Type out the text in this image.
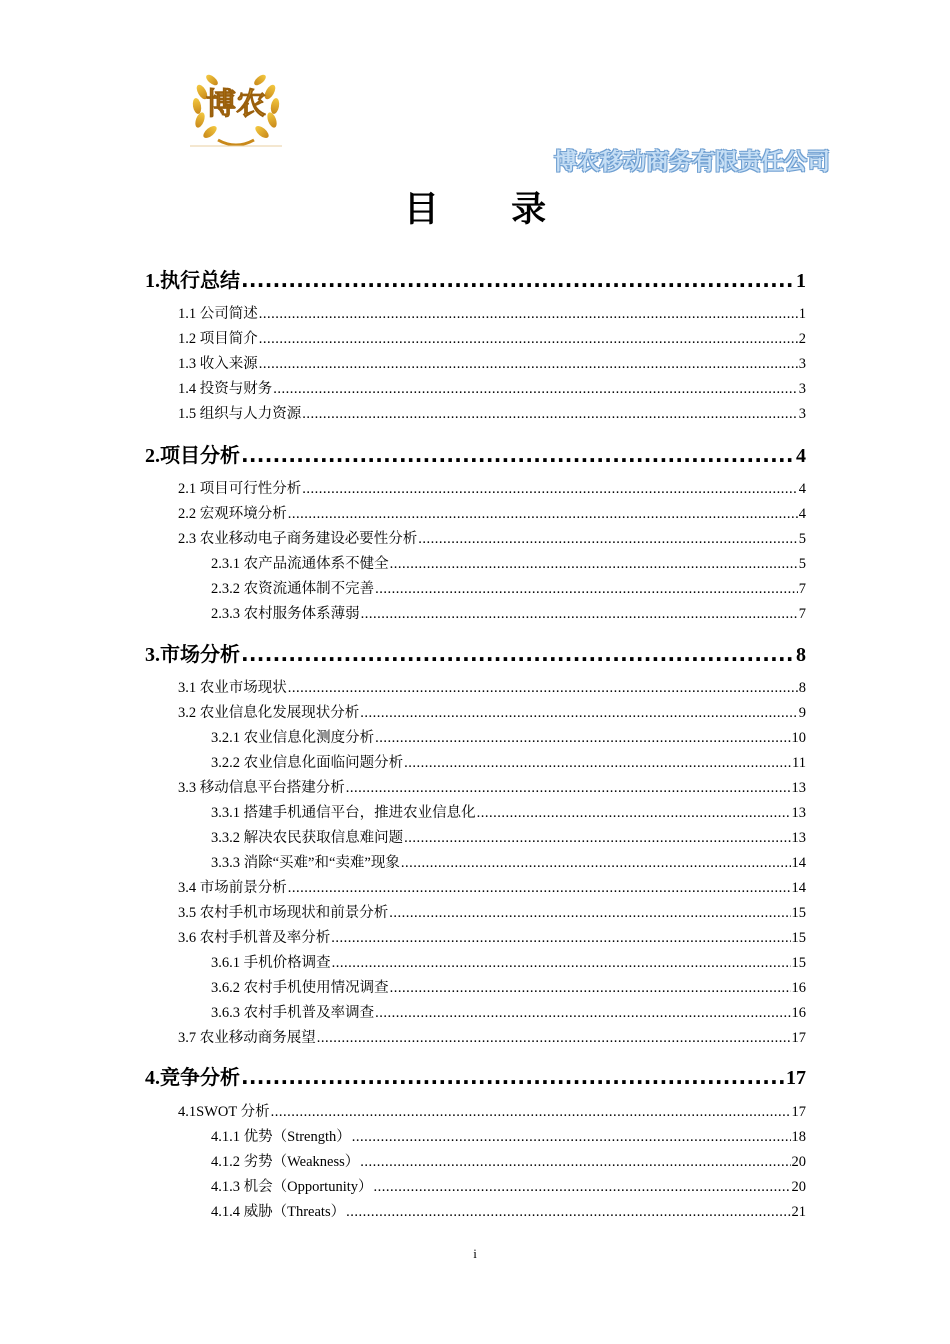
博农
博农移动商务有限责任公司
目 录
1.执行总结 .....	1
1.1 公司简述 .....	1
1.2 项目简介 .....	2
1.3 收入来源 .....	3
1.4 投资与财务 .....	3
1.5 组织与人力资源 .....	3
2.项目分析 .....	4
2.1 项目可行性分析 .....	4
2.2 宏观环境分析 .....	4
2.3 农业移动电子商务建设必要性分析 .....	5
2.3.1 农产品流通体系不健全 .....	5
2.3.2 农资流通体制不完善 .....	7
2.3.3 农村服务体系薄弱 .....	7
3.市场分析 .....	8
3.1 农业市场现状 .....	8
3.2 农业信息化发展现状分析 .....	9
3.2.1 农业信息化测度分析 .....	10
3.2.2 农业信息化面临问题分析 .....	11
3.3 移动信息平台搭建分析 .....	13
3.3.1 搭建手机通信平台，推进农业信息化 .....	13
3.3.2 解决农民获取信息难问题 .....	13
3.3.3 消除“买难”和“卖难”现象 .....	14
3.4 市场前景分析 .....	14
3.5 农村手机市场现状和前景分析 .....	15
3.6 农村手机普及率分析 .....	15
3.6.1 手机价格调查 .....	15
3.6.2 农村手机使用情况调查 .....	16
3.6.3 农村手机普及率调查 .....	16
3.7 农业移动商务展望 .....	17
4.竞争分析 .....	17
4.1SWOT 分析 .....	17
4.1.1 优势（Strength） .....	18
4.1.2 劣势（Weakness） .....	20
4.1.3 机会（Opportunity） .....	20
4.1.4 威胁（Threats） .....	21
i
